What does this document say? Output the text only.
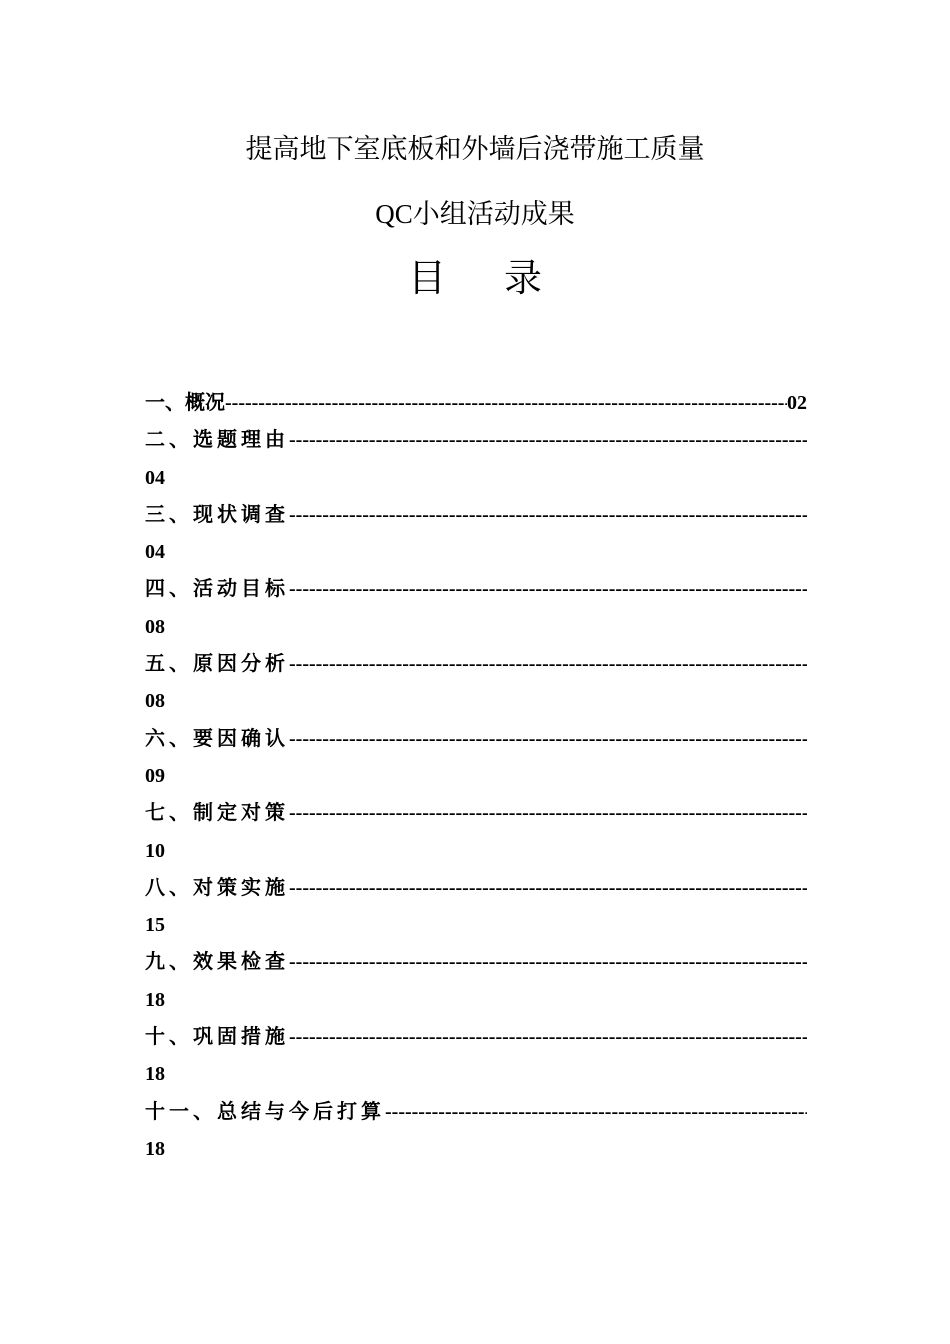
提高地下室底板和外墙后浇带施工质量
QC小组活动成果
目 录
一、概况
-----	02
二、选题理由
-----
04
三、现状调查
-----
04
四、活动目标
-----
08
五、原因分析
-----
08
六、要因确认
-----
09
七、制定对策
-----
10
八、对策实施
-----
15
九、效果检查
-----
18
十、巩固措施
-----
18
十一、总结与今后打算
-----
18
